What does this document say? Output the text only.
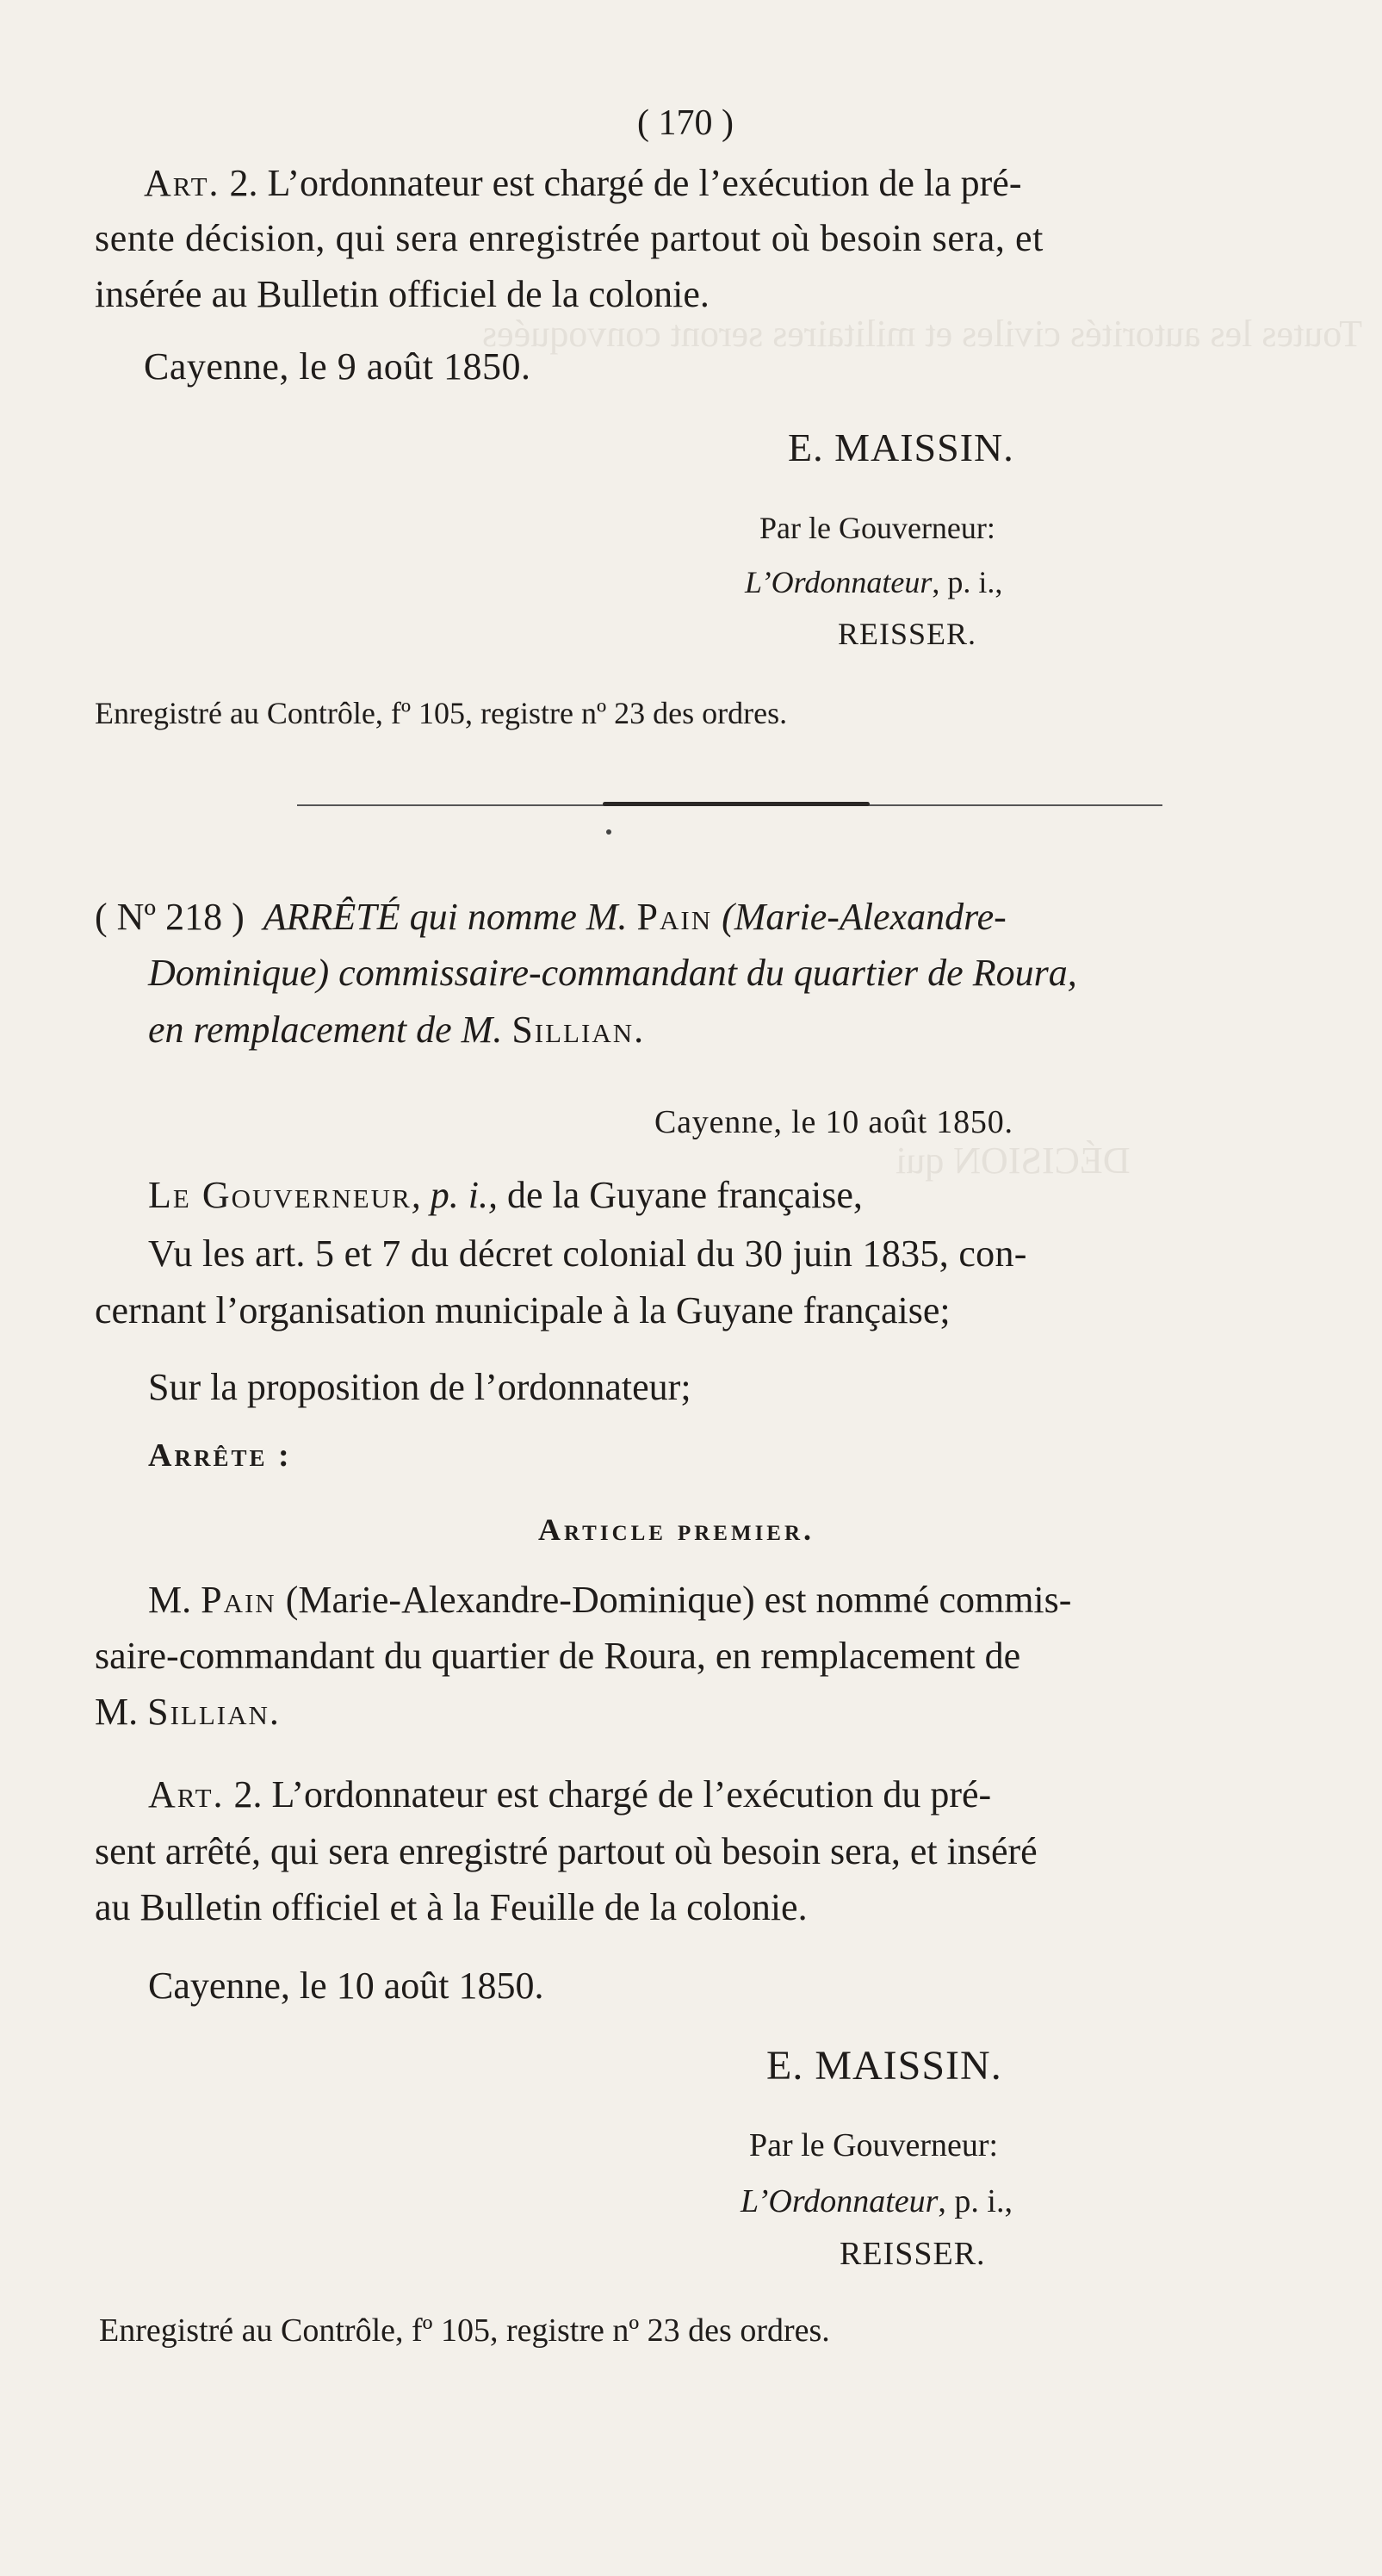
Toutes les autorités civiles et militaires seront convoquées
DÉCISION qui
( 170 )
Art. 2. L’ordonnateur est chargé de l’exécution de la pré-
sente décision, qui sera enregistrée partout où besoin sera, et
insérée au Bulletin officiel de la colonie.
Cayenne, le 9 août 1850.
E. MAISSIN.
Par le Gouverneur:
L’Ordonnateur, p. i.,
REISSER.
Enregistré au Contrôle, fº 105, registre nº 23 des ordres.
( Nº 218 ) ARRÊTÉ qui nomme M. Pain (Marie-Alexandre-
Dominique) commissaire-commandant du quartier de Roura,
en remplacement de M. Sillian.
Cayenne, le 10 août 1850.
Le Gouverneur, p. i., de la Guyane française,
Vu les art. 5 et 7 du décret colonial du 30 juin 1835, con-
cernant l’organisation municipale à la Guyane française;
Sur la proposition de l’ordonnateur;
Arrête :
Article premier.
M. Pain (Marie-Alexandre-Dominique) est nommé commis-
saire-commandant du quartier de Roura, en remplacement de
M. Sillian.
Art. 2. L’ordonnateur est chargé de l’exécution du pré-
sent arrêté, qui sera enregistré partout où besoin sera, et inséré
au Bulletin officiel et à la Feuille de la colonie.
Cayenne, le 10 août 1850.
E. MAISSIN.
Par le Gouverneur:
L’Ordonnateur, p. i.,
REISSER.
Enregistré au Contrôle, fº 105, registre nº 23 des ordres.
